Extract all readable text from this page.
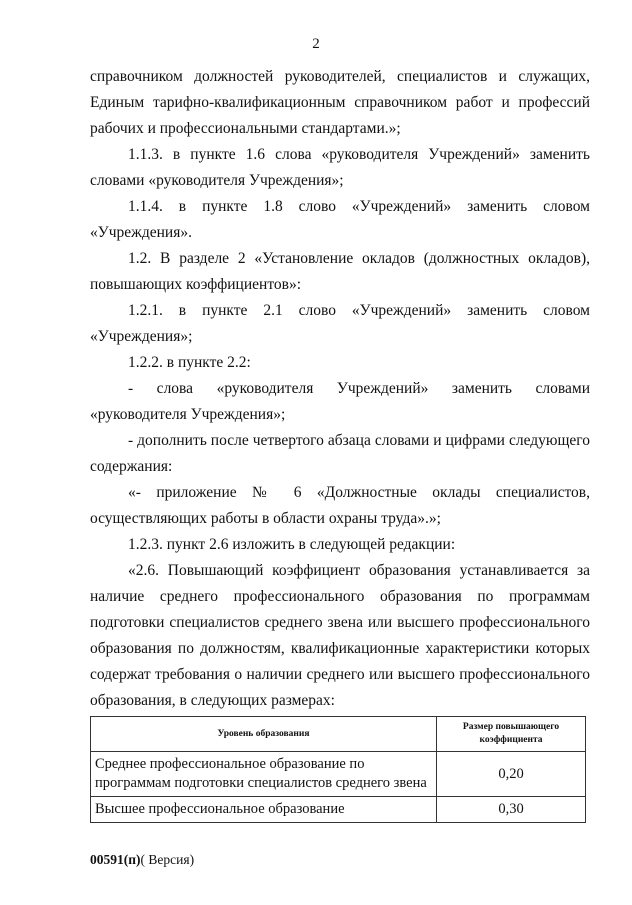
2

справочником должностей руководителей, специалистов и служащих, Единым тарифно-квалификационным справочником работ и профессий рабочих и профессиональными стандартами.»;

1.1.3. в пункте 1.6 слова «руководителя Учреждений» заменить словами «руководителя Учреждения»;

1.1.4. в пункте 1.8 слово «Учреждений» заменить словом «Учреждения».

1.2. В разделе 2 «Установление окладов (должностных окладов), повышающих коэффициентов»:

1.2.1. в пункте 2.1 слово «Учреждений» заменить словом «Учреждения»;

1.2.2. в пункте 2.2:

- слова «руководителя Учреждений» заменить словами «руководителя Учреждения»;

- дополнить после четвертого абзаца словами и цифрами следующего содержания:

«- приложение № 6 «Должностные оклады специалистов, осуществляющих работы в области охраны труда».»;

1.2.3. пункт 2.6 изложить в следующей редакции:

«2.6. Повышающий коэффициент образования устанавливается за наличие среднего профессионального образования по программам подготовки специалистов среднего звена или высшего профессионального образования по должностям, квалификационные характеристики которых содержат требования о наличии среднего или высшего профессионального образования, в следующих размерах:

Уровень образования	Размер повышающего коэффициента
Среднее профессиональное образование по программам подготовки специалистов среднего звена	0,20
Высшее профессиональное образование	0,30
00591(п)( Версия)
